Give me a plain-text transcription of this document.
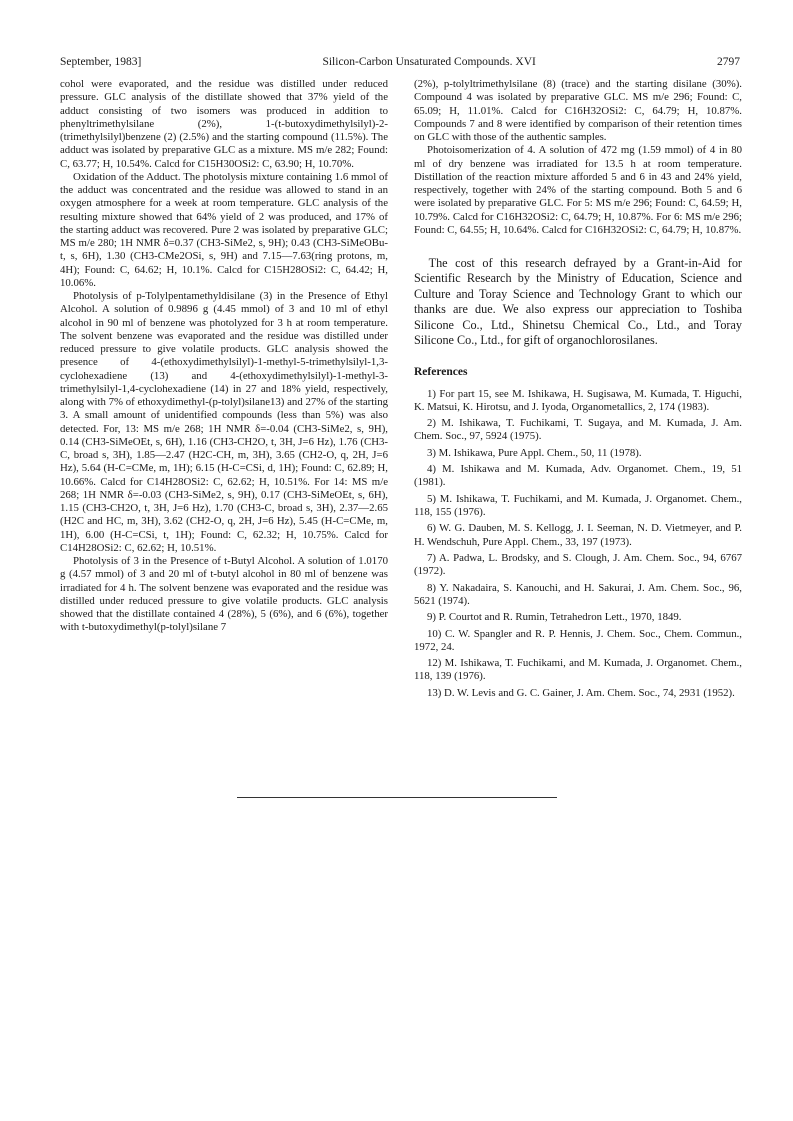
September, 1983]	Silicon-Carbon Unsaturated Compounds. XVI	2797

cohol were evaporated, and the residue was distilled under reduced pressure. GLC analysis of the distillate showed that 37% yield of the adduct consisting of two isomers was produced in addition to phenyltrimethylsilane (2%), 1-(t-butoxydimethylsilyl)-2-(trimethylsilyl)benzene (2) (2.5%) and the starting compound (11.5%). The adduct was isolated by preparative GLC as a mixture. MS m/e 282; Found: C, 63.77; H, 10.54%. Calcd for C15H30OSi2: C, 63.90; H, 10.70%.

Oxidation of the Adduct. The photolysis mixture containing 1.6 mmol of the adduct was concentrated and the residue was allowed to stand in an oxygen atmosphere for a week at room temperature. GLC analysis of the resulting mixture showed that 64% yield of 2 was produced, and 17% of the starting adduct was recovered. Pure 2 was isolated by preparative GLC; MS m/e 280; 1H NMR δ=0.37 (CH3-SiMe2, s, 9H); 0.43 (CH3-SiMeOBu-t, s, 6H), 1.30 (CH3-CMe2OSi, s, 9H) and 7.15—7.63(ring protons, m, 4H); Found: C, 64.62; H, 10.1%. Calcd for C15H28OSi2: C, 64.42; H, 10.06%.

Photolysis of p-Tolylpentamethyldisilane (3) in the Presence of Ethyl Alcohol. A solution of 0.9896 g (4.45 mmol) of 3 and 10 ml of ethyl alcohol in 90 ml of benzene was photolyzed for 3 h at room temperature. The solvent benzene was evaporated and the residue was distilled under reduced pressure to give volatile products. GLC analysis showed the presence of 4-(ethoxydimethylsilyl)-1-methyl-5-trimethylsilyl-1,3-cyclohexadiene (13) and 4-(ethoxydimethylsilyl)-1-methyl-3-trimethylsilyl-1,4-cyclohexadiene (14) in 27 and 18% yield, respectively, along with 7% of ethoxydimethyl-(p-tolyl)silane13) and 27% of the starting 3. A small amount of unidentified compounds (less than 5%) was also detected. For, 13: MS m/e 268; 1H NMR δ=-0.04 (CH3-SiMe2, s, 9H), 0.14 (CH3-SiMeOEt, s, 6H), 1.16 (CH3-CH2O, t, 3H, J=6 Hz), 1.76 (CH3-C, broad s, 3H), 1.85—2.47 (H2C-CH, m, 3H), 3.65 (CH2-O, q, 2H, J=6 Hz), 5.64 (H-C=CMe, m, 1H); 6.15 (H-C=CSi, d, 1H); Found: C, 62.89; H, 10.66%. Calcd for C14H28OSi2: C, 62.62; H, 10.51%. For 14: MS m/e 268; 1H NMR δ=-0.03 (CH3-SiMe2, s, 9H), 0.17 (CH3-SiMeOEt, s, 6H), 1.15 (CH3-CH2O, t, 3H, J=6 Hz), 1.70 (CH3-C, broad s, 3H), 2.37—2.65 (H2C and HC, m, 3H), 3.62 (CH2-O, q, 2H, J=6 Hz), 5.45 (H-C=CMe, m, 1H), 6.00 (H-C=CSi, t, 1H); Found: C, 62.32; H, 10.75%. Calcd for C14H28OSi2: C, 62.62; H, 10.51%.

Photolysis of 3 in the Presence of t-Butyl Alcohol. A solution of 1.0170 g (4.57 mmol) of 3 and 20 ml of t-butyl alcohol in 80 ml of benzene was irradiated for 4 h. The solvent benzene was evaporated and the residue was distilled under reduced pressure to give volatile products. GLC analysis showed that the distillate contained 4 (28%), 5 (6%), and 6 (6%), together with t-butoxydimethyl(p-tolyl)silane 7

(2%), p-tolyltrimethylsilane (8) (trace) and the starting disilane (30%). Compound 4 was isolated by preparative GLC. MS m/e 296; Found: C, 65.09; H, 11.01%. Calcd for C16H32OSi2: C, 64.79; H, 10.87%. Compounds 7 and 8 were identified by comparison of their retention times on GLC with those of the authentic samples.

Photoisomerization of 4. A solution of 472 mg (1.59 mmol) of 4 in 80 ml of dry benzene was irradiated for 13.5 h at room temperature. Distillation of the reaction mixture afforded 5 and 6 in 43 and 24% yield, respectively, together with 24% of the starting compound. Both 5 and 6 were isolated by preparative GLC. For 5: MS m/e 296; Found: C, 64.59; H, 10.79%. Calcd for C16H32OSi2: C, 64.79; H, 10.87%. For 6: MS m/e 296; Found: C, 64.55; H, 10.64%. Calcd for C16H32OSi2: C, 64.79; H, 10.87%.

The cost of this research defrayed by a Grant-in-Aid for Scientific Research by the Ministry of Education, Science and Culture and Toray Science and Technology Grant to which our thanks are due. We also express our appreciation to Toshiba Silicone Co., Ltd., Shinetsu Chemical Co., Ltd., and Toray Silicone Co., Ltd., for gift of organochlorosilanes.

References

1) For part 15, see M. Ishikawa, H. Sugisawa, M. Kumada, T. Higuchi, K. Matsui, K. Hirotsu, and J. Iyoda, Organometallics, 2, 174 (1983).
2) M. Ishikawa, T. Fuchikami, T. Sugaya, and M. Kumada, J. Am. Chem. Soc., 97, 5924 (1975).
3) M. Ishikawa, Pure Appl. Chem., 50, 11 (1978).
4) M. Ishikawa and M. Kumada, Adv. Organomet. Chem., 19, 51 (1981).
5) M. Ishikawa, T. Fuchikami, and M. Kumada, J. Organomet. Chem., 118, 155 (1976).
6) W. G. Dauben, M. S. Kellogg, J. I. Seeman, N. D. Vietmeyer, and P. H. Wendschuh, Pure Appl. Chem., 33, 197 (1973).
7) A. Padwa, L. Brodsky, and S. Clough, J. Am. Chem. Soc., 94, 6767 (1972).
8) Y. Nakadaira, S. Kanouchi, and H. Sakurai, J. Am. Chem. Soc., 96, 5621 (1974).
9) P. Courtot and R. Rumin, Tetrahedron Lett., 1970, 1849.
10) C. W. Spangler and R. P. Hennis, J. Chem. Soc., Chem. Commun., 1972, 24.
12) M. Ishikawa, T. Fuchikami, and M. Kumada, J. Organomet. Chem., 118, 139 (1976).
13) D. W. Levis and G. C. Gainer, J. Am. Chem. Soc., 74, 2931 (1952).
